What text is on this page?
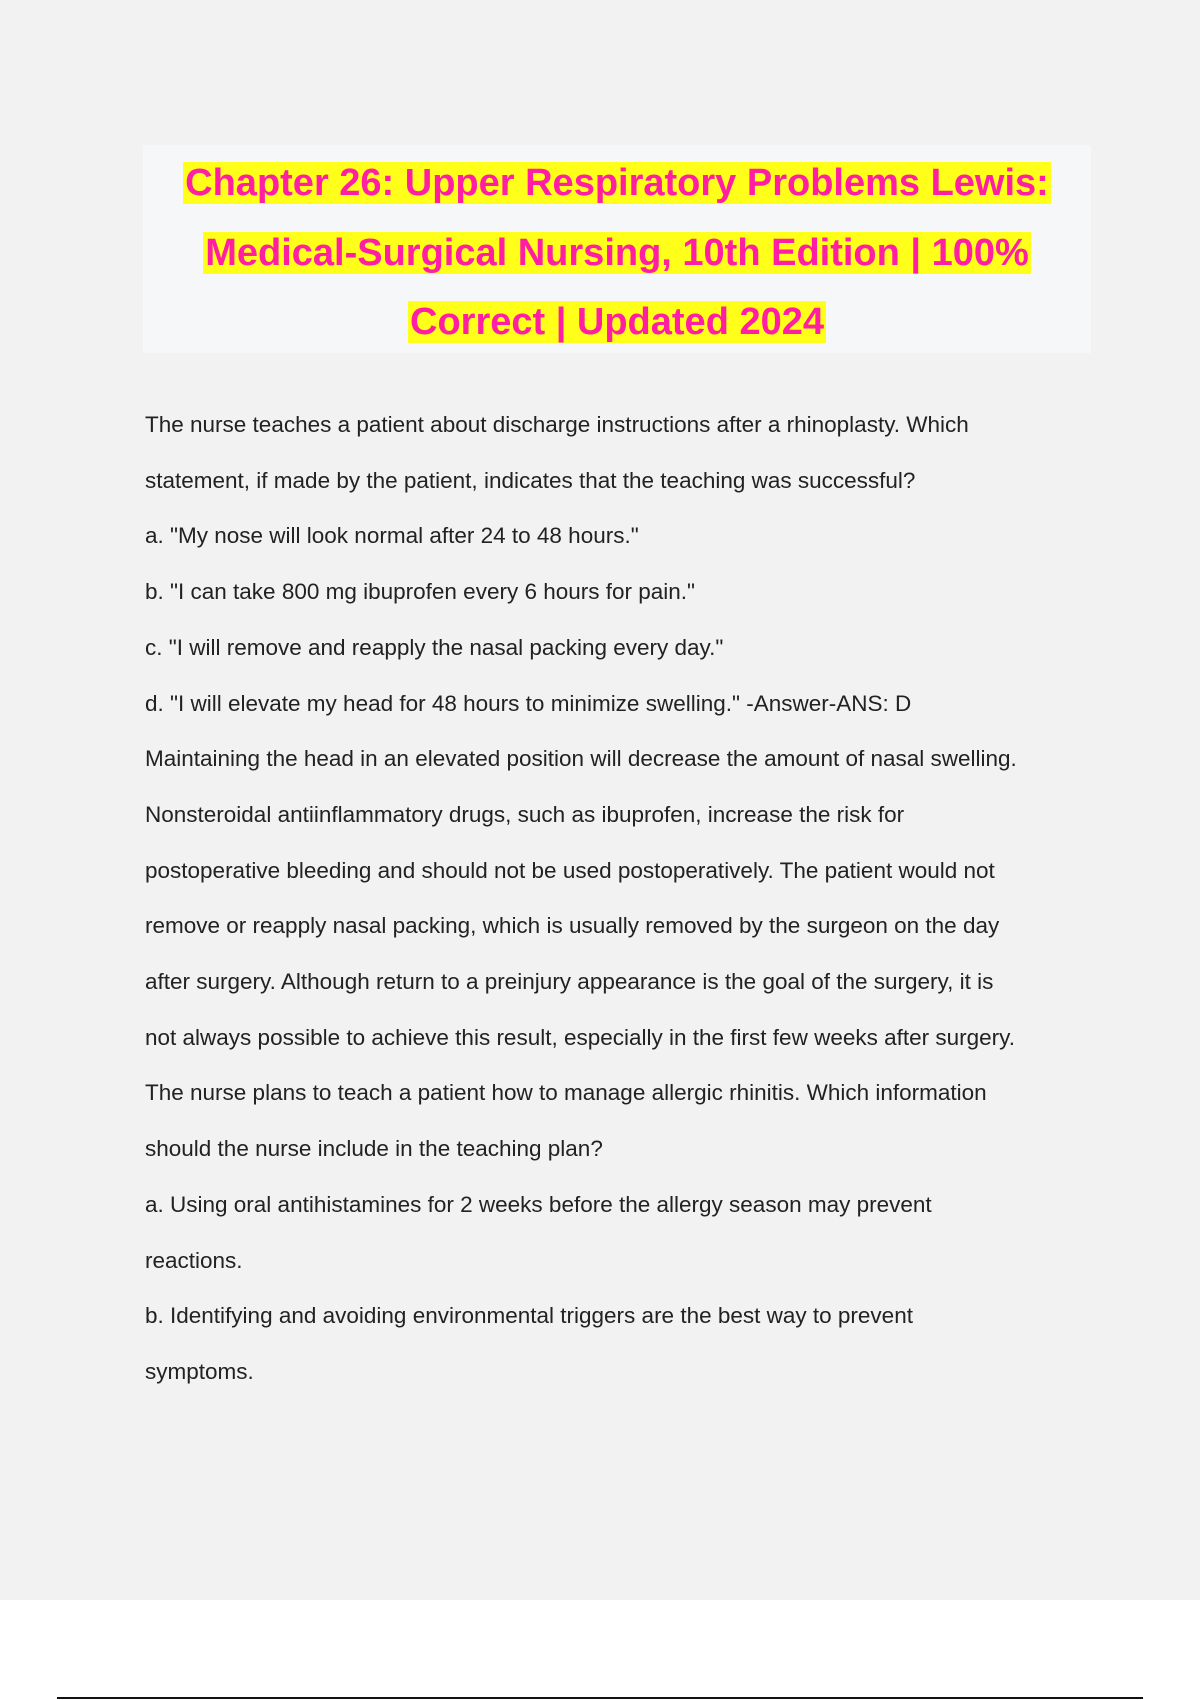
Chapter 26: Upper Respiratory Problems Lewis: Medical-Surgical Nursing, 10th Edition | 100% Correct | Updated 2024

The nurse teaches a patient about discharge instructions after a rhinoplasty. Which

statement, if made by the patient, indicates that the teaching was successful?

a. "My nose will look normal after 24 to 48 hours."

b. "I can take 800 mg ibuprofen every 6 hours for pain."

c. "I will remove and reapply the nasal packing every day."

d. "I will elevate my head for 48 hours to minimize swelling." -Answer-ANS: D

Maintaining the head in an elevated position will decrease the amount of nasal swelling.

Nonsteroidal antiinflammatory drugs, such as ibuprofen, increase the risk for

postoperative bleeding and should not be used postoperatively. The patient would not

remove or reapply nasal packing, which is usually removed by the surgeon on the day

after surgery. Although return to a preinjury appearance is the goal of the surgery, it is

not always possible to achieve this result, especially in the first few weeks after surgery.

The nurse plans to teach a patient how to manage allergic rhinitis. Which information

should the nurse include in the teaching plan?

a. Using oral antihistamines for 2 weeks before the allergy season may prevent

reactions.

b. Identifying and avoiding environmental triggers are the best way to prevent

symptoms.
